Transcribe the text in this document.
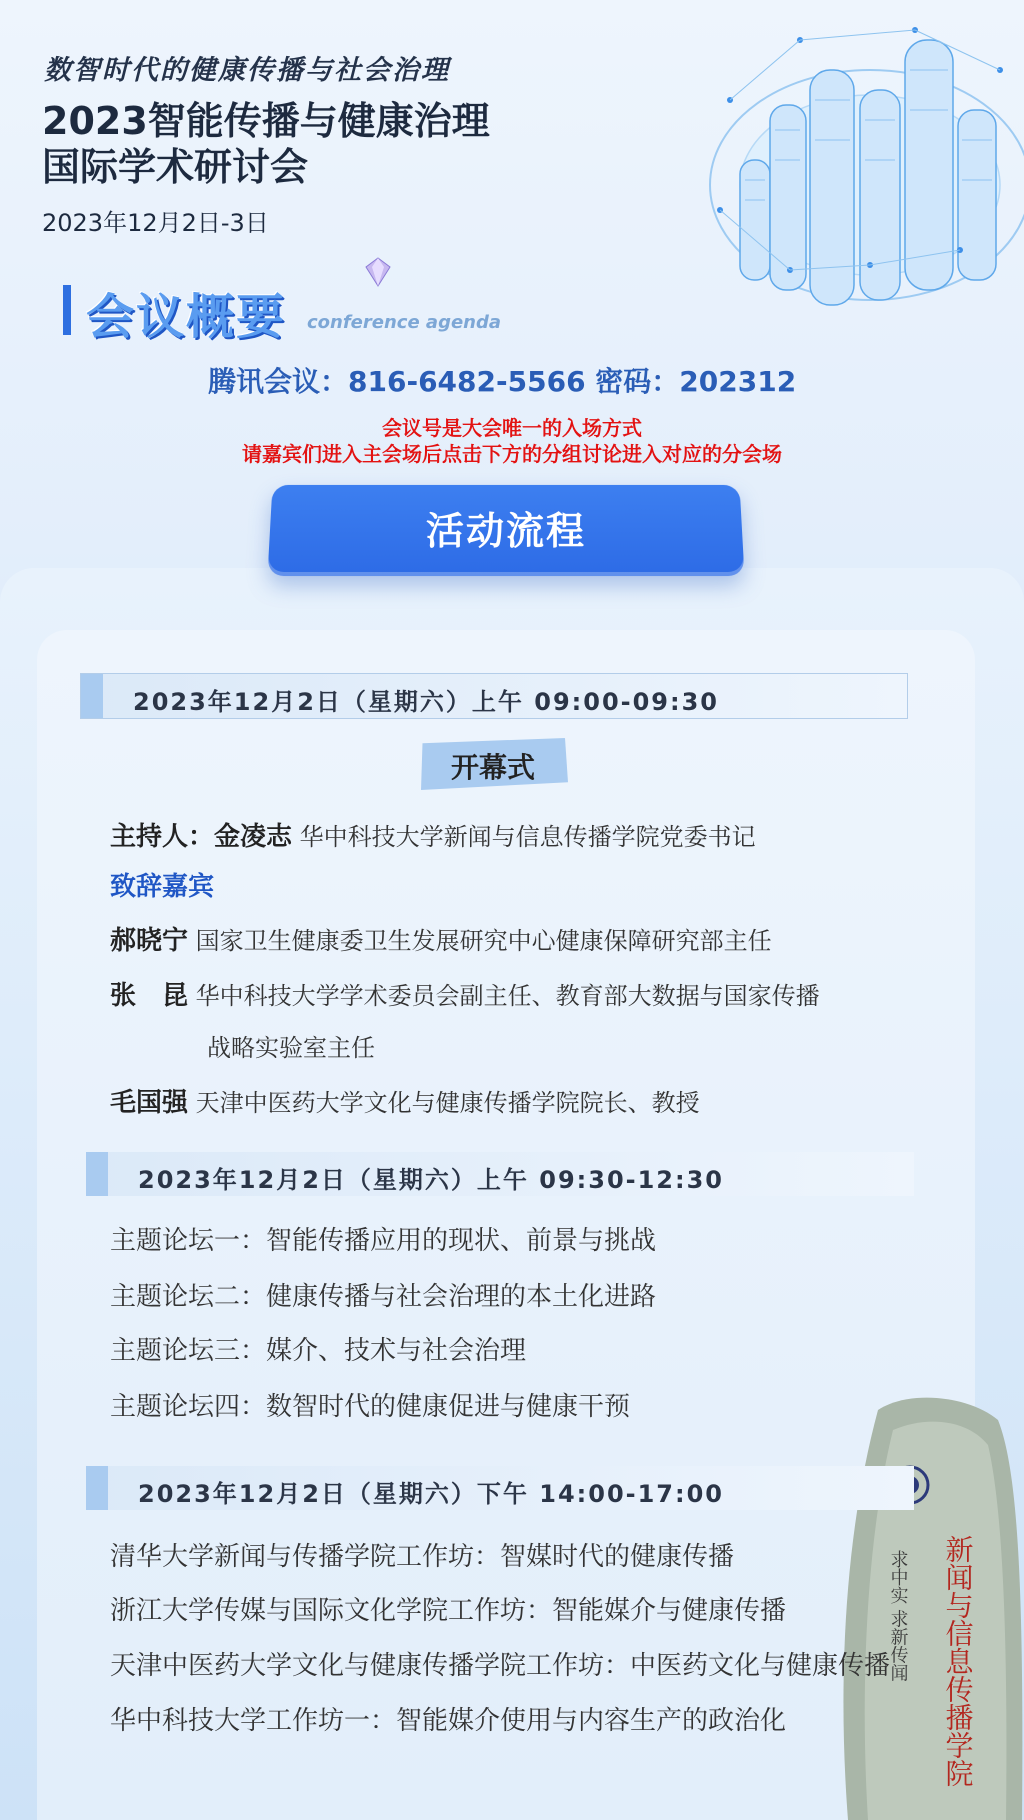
数智时代的健康传播与社会治理
2023智能传播与健康治理
国际学术研讨会
2023年12月2日-3日
会议概要 conference agenda
腾讯会议：816-6482-5566 密码：202312
会议号是大会唯一的入场方式
请嘉宾们进入主会场后点击下方的分组讨论进入对应的分会场
活动流程
2023年12月2日（星期六）上午 09:00-09:30
开幕式
主持人：金凌志 华中科技大学新闻与信息传播学院党委书记
致辞嘉宾
郝晓宁 国家卫生健康委卫生发展研究中心健康保障研究部主任
张　昆 华中科技大学学术委员会副主任、教育部大数据与国家传播
战略实验室主任
毛国强 天津中医药大学文化与健康传播学院院长、教授
2023年12月2日（星期六）上午 09:30-12:30
主题论坛一：智能传播应用的现状、前景与挑战
主题论坛二：健康传播与社会治理的本土化进路
主题论坛三：媒介、技术与社会治理
主题论坛四：数智时代的健康促进与健康干预
新闻与信息传播学院
求中实 求新传闻
2023年12月2日（星期六）下午 14:00-17:00
清华大学新闻与传播学院工作坊：智媒时代的健康传播
浙江大学传媒与国际文化学院工作坊：智能媒介与健康传播
天津中医药大学文化与健康传播学院工作坊：中医药文化与健康传播
华中科技大学工作坊一：智能媒介使用与内容生产的政治化
